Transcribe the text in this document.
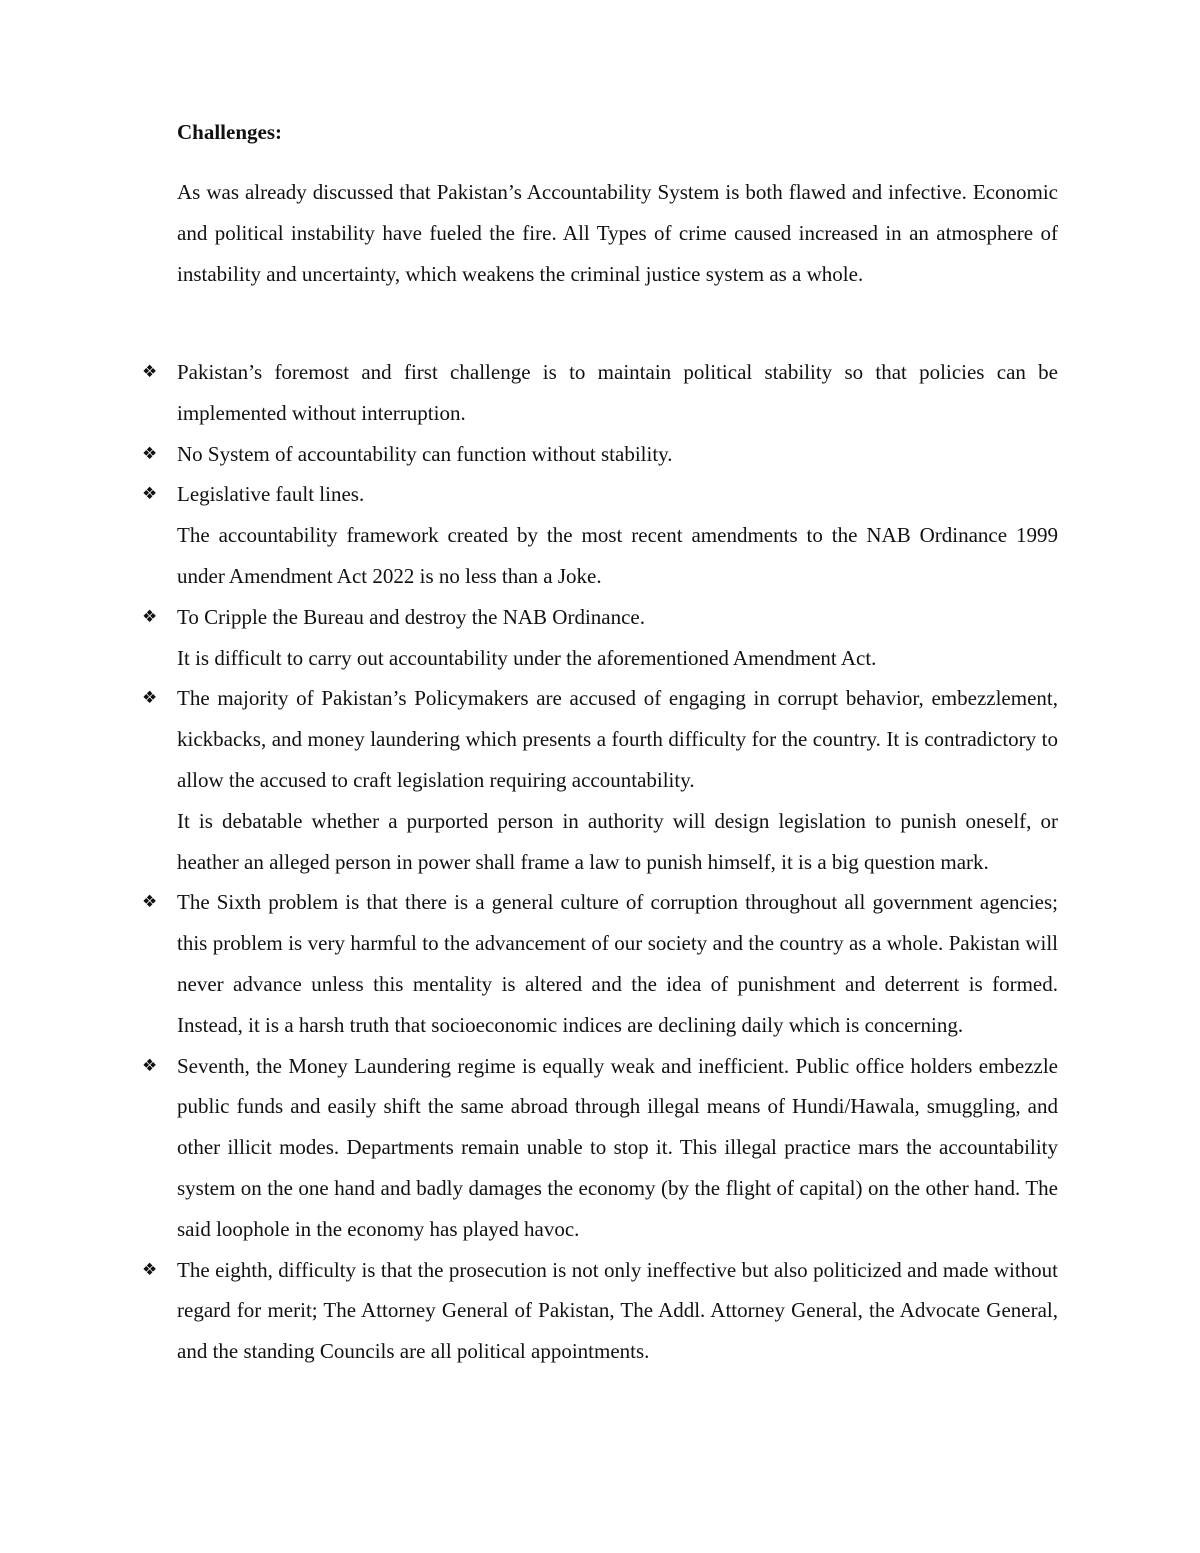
Challenges:

As was already discussed that Pakistan’s Accountability System is both flawed and infective. Economic and political instability have fueled the fire. All Types of crime caused increased in an atmosphere of instability and uncertainty, which weakens the criminal justice system as a whole.

❖ Pakistan’s foremost and first challenge is to maintain political stability so that policies can be implemented without interruption.
❖ No System of accountability can function without stability.
❖ Legislative fault lines.
The accountability framework created by the most recent amendments to the NAB Ordinance 1999 under Amendment Act 2022 is no less than a Joke.
❖ To Cripple the Bureau and destroy the NAB Ordinance.
It is difficult to carry out accountability under the aforementioned Amendment Act.
❖ The majority of Pakistan’s Policymakers are accused of engaging in corrupt behavior, embezzlement, kickbacks, and money laundering which presents a fourth difficulty for the country. It is contradictory to allow the accused to craft legislation requiring accountability.
It is debatable whether a purported person in authority will design legislation to punish oneself, or heather an alleged person in power shall frame a law to punish himself, it is a big question mark.
❖ The Sixth problem is that there is a general culture of corruption throughout all government agencies; this problem is very harmful to the advancement of our society and the country as a whole. Pakistan will never advance unless this mentality is altered and the idea of punishment and deterrent is formed. Instead, it is a harsh truth that socioeconomic indices are declining daily which is concerning.
❖ Seventh, the Money Laundering regime is equally weak and inefficient. Public office holders embezzle public funds and easily shift the same abroad through illegal means of Hundi/Hawala, smuggling, and other illicit modes. Departments remain unable to stop it. This illegal practice mars the accountability system on the one hand and badly damages the economy (by the flight of capital) on the other hand. The said loophole in the economy has played havoc.
❖ The eighth, difficulty is that the prosecution is not only ineffective but also politicized and made without regard for merit; The Attorney General of Pakistan, The Addl. Attorney General, the Advocate General, and the standing Councils are all political appointments.
